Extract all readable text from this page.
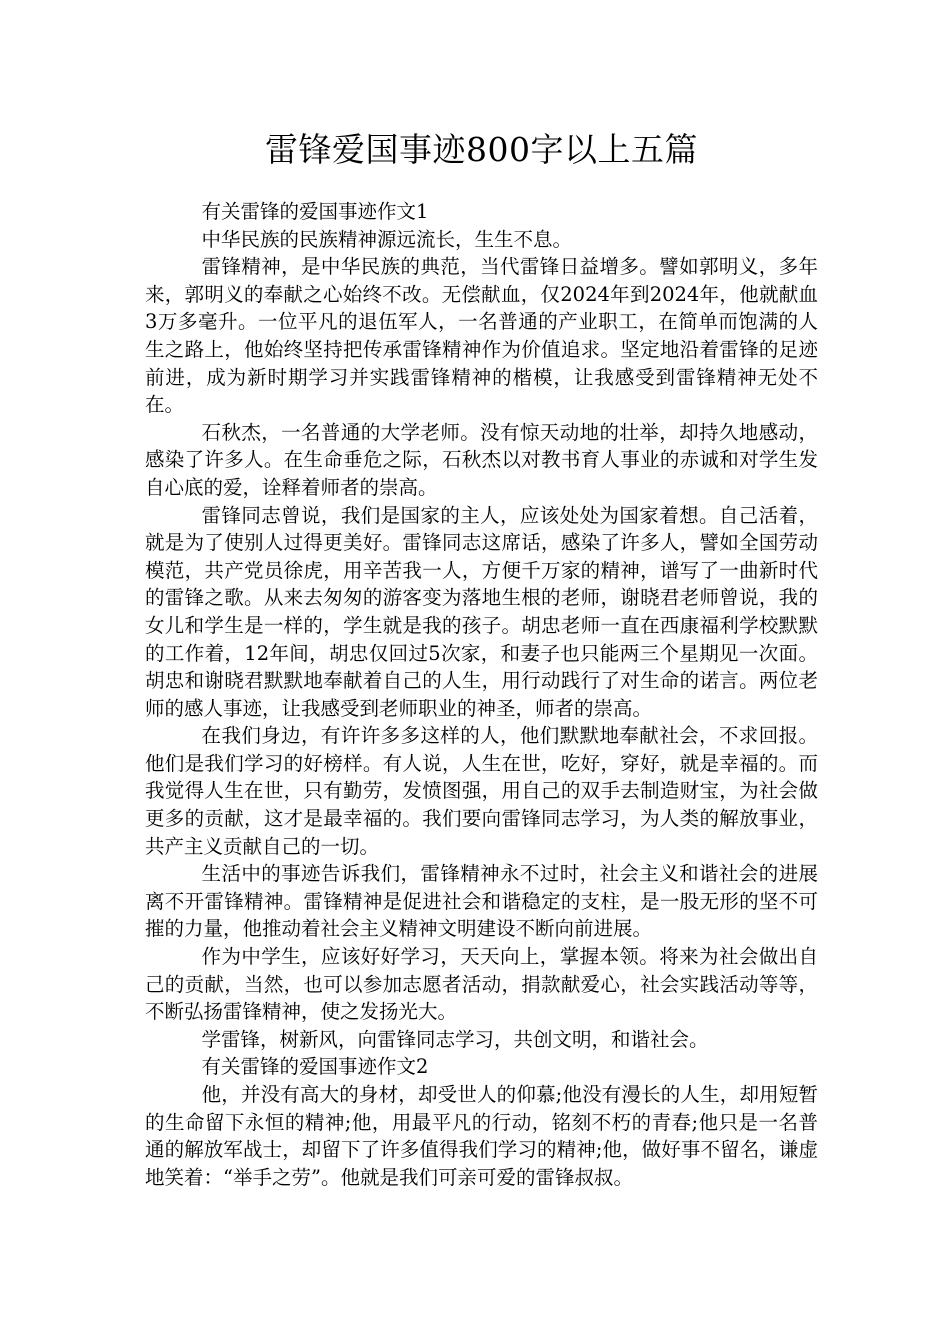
雷锋爱国事迹800字以上五篇

有关雷锋的爱国事迹作文1

中华民族的民族精神源远流长，生生不息。

雷锋精神，是中华民族的典范，当代雷锋日益增多。譬如郭明义，多年来，郭明义的奉献之心始终不改。无偿献血，仅2024年到2024年，他就献血3万多毫升。一位平凡的退伍军人，一名普通的产业职工，在简单而饱满的人生之路上，他始终坚持把传承雷锋精神作为价值追求。坚定地沿着雷锋的足迹前进，成为新时期学习并实践雷锋精神的楷模，让我感受到雷锋精神无处不在。

石秋杰，一名普通的大学老师。没有惊天动地的壮举，却持久地感动，感染了许多人。在生命垂危之际，石秋杰以对教书育人事业的赤诚和对学生发自心底的爱，诠释着师者的崇高。

雷锋同志曾说，我们是国家的主人，应该处处为国家着想。自己活着，就是为了使别人过得更美好。雷锋同志这席话，感染了许多人，譬如全国劳动模范，共产党员徐虎，用辛苦我一人，方便千万家的精神，谱写了一曲新时代的雷锋之歌。从来去匆匆的游客变为落地生根的老师，谢晓君老师曾说，我的女儿和学生是一样的，学生就是我的孩子。胡忠老师一直在西康福利学校默默的工作着，12年间，胡忠仅回过5次家，和妻子也只能两三个星期见一次面。胡忠和谢晓君默默地奉献着自己的人生，用行动践行了对生命的诺言。两位老师的感人事迹，让我感受到老师职业的神圣，师者的崇高。

在我们身边，有许许多多这样的人，他们默默地奉献社会，不求回报。他们是我们学习的好榜样。有人说，人生在世，吃好，穿好，就是幸福的。而我觉得人生在世，只有勤劳，发愤图强，用自己的双手去制造财宝，为社会做更多的贡献，这才是最幸福的。我们要向雷锋同志学习，为人类的解放事业，共产主义贡献自己的一切。

生活中的事迹告诉我们，雷锋精神永不过时，社会主义和谐社会的进展离不开雷锋精神。雷锋精神是促进社会和谐稳定的支柱，是一股无形的坚不可摧的力量，他推动着社会主义精神文明建设不断向前进展。

作为中学生，应该好好学习，天天向上，掌握本领。将来为社会做出自己的贡献，当然，也可以参加志愿者活动，捐款献爱心，社会实践活动等等，不断弘扬雷锋精神，使之发扬光大。

学雷锋，树新风，向雷锋同志学习，共创文明，和谐社会。

有关雷锋的爱国事迹作文2

他，并没有高大的身材，却受世人的仰慕;他没有漫长的人生，却用短暂的生命留下永恒的精神;他，用最平凡的行动，铭刻不朽的青春;他只是一名普通的解放军战士，却留下了许多值得我们学习的精神;他，做好事不留名，谦虚地笑着：“举手之劳”。他就是我们可亲可爱的雷锋叔叔。
